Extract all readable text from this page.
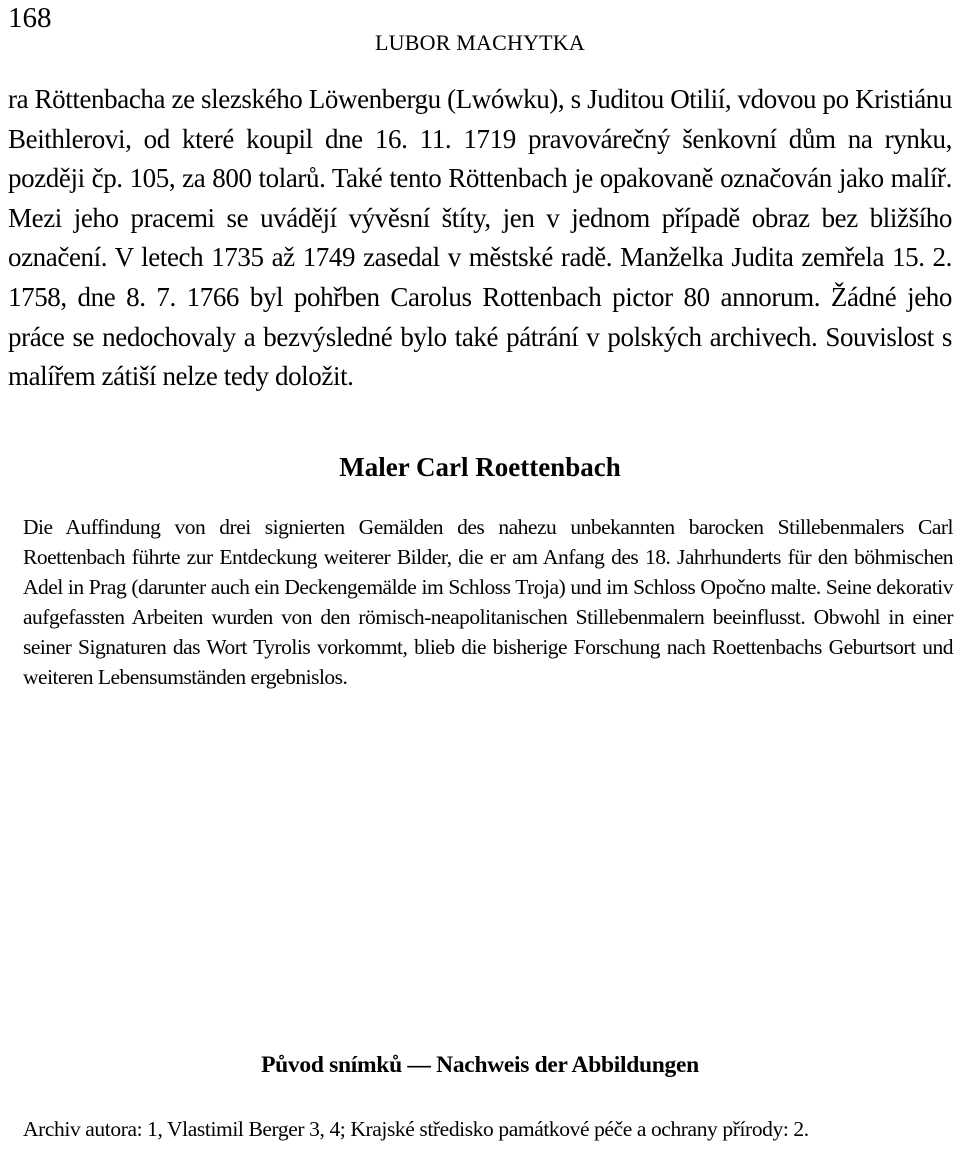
168
LUBOR MACHYTKA

ra Röttenbacha ze slezského Löwenbergu (Lwówku), s Juditou Otilií, vdovou po Kristiánu Beithlerovi, od které koupil dne 16. 11. 1719 pravovárečný šenkovní dům na rynku, později čp. 105, za 800 tolarů. Také tento Röttenbach je opakovaně označován jako malíř. Mezi jeho pracemi se uvádějí vývěsní štíty, jen v jednom případě obraz bez bližšího označení. V letech 1735 až 1749 zasedal v městské radě. Manželka Judita zemřela 15. 2. 1758, dne 8. 7. 1766 byl pohřben Carolus Rottenbach pictor 80 annorum. Žádné jeho práce se nedochovaly a bezvýsledné bylo také pátrání v polských archivech. Souvislost s malířem zátiší nelze tedy doložit.

Maler Carl Roettenbach

Die Auffindung von drei signierten Gemälden des nahezu unbekannten barocken Stillebenmalers Carl Roettenbach führte zur Entdeckung weiterer Bilder, die er am Anfang des 18. Jahrhunderts für den böhmischen Adel in Prag (darunter auch ein Deckengemälde im Schloss Troja) und im Schloss Opočno malte. Seine dekorativ aufgefassten Arbeiten wurden von den römisch-neapolitanischen Stillebenmalern beeinflusst. Obwohl in einer seiner Signaturen das Wort Tyrolis vorkommt, blieb die bisherige Forschung nach Roettenbachs Geburtsort und weiteren Lebensumständen ergebnislos.

Původ snímků — Nachweis der Abbildungen
Archiv autora: 1, Vlastimil Berger 3, 4; Krajské středisko památkové péče a ochrany přírody: 2.
